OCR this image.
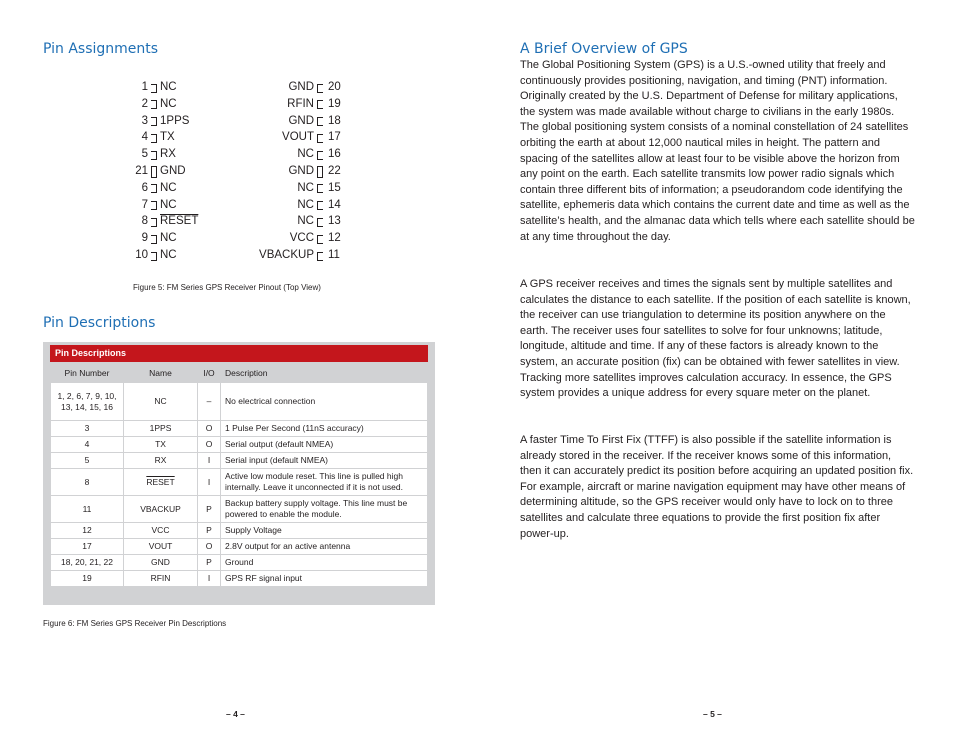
Pin Assignments
1 NC
2 NC
3 1PPS
4 TX
5 RX
21 GND
6 NC
7 NC
8 RESET
9 NC
10 NC
GND 20
RFIN 19
GND 18
VOUT 17
NC 16
GND 22
NC 15
NC 14
NC 13
VCC 12
VBACKUP 11
Figure 5: FM Series GPS Receiver Pinout (Top View)
Pin Descriptions
Pin Descriptions
Pin Number	Name	I/O	Description
1, 2, 6, 7, 9, 10, 13, 14, 15, 16	NC	–	No electrical connection
3	1PPS	O	1 Pulse Per Second (11nS accuracy)
4	TX	O	Serial output (default NMEA)
5	RX	I	Serial input (default NMEA)
8	RESET	I	Active low module reset. This line is pulled high internally. Leave it unconnected if it is not used.
11	VBACKUP	P	Backup battery supply voltage. This line must be powered to enable the module.
12	VCC	P	Supply Voltage
17	VOUT	O	2.8V output for an active antenna
18, 20, 21, 22	GND	P	Ground
19	RFIN	I	GPS RF signal input
Figure 6: FM Series GPS Receiver Pin Descriptions
– 4 –
A Brief Overview of GPS

The Global Positioning System (GPS) is a U.S.-owned utility that freely and continuously provides positioning, navigation, and timing (PNT) information. Originally created by the U.S. Department of Defense for military applications, the system was made available without charge to civilians in the early 1980s. The global positioning system consists of a nominal constellation of 24 satellites orbiting the earth at about 12,000 nautical miles in height. The pattern and spacing of the satellites allow at least four to be visible above the horizon from any point on the earth. Each satellite transmits low power radio signals which contain three different bits of information; a pseudorandom code identifying the satellite, ephemeris data which contains the current date and time as well as the satellite’s health, and the almanac data which tells where each satellite should be at any time throughout the day.

A GPS receiver receives and times the signals sent by multiple satellites and calculates the distance to each satellite. If the position of each satellite is known, the receiver can use triangulation to determine its position anywhere on the earth. The receiver uses four satellites to solve for four unknowns; latitude, longitude, altitude and time. If any of these factors is already known to the system, an accurate position (fix) can be obtained with fewer satellites in view. Tracking more satellites improves calculation accuracy. In essence, the GPS system provides a unique address for every square meter on the planet.

A faster Time To First Fix (TTFF) is also possible if the satellite information is already stored in the receiver. If the receiver knows some of this information, then it can accurately predict its position before acquiring an updated position fix. For example, aircraft or marine navigation equipment may have other means of determining altitude, so the GPS receiver would only have to lock on to three satellites and calculate three equations to provide the first position fix after power-up.

– 5 –
